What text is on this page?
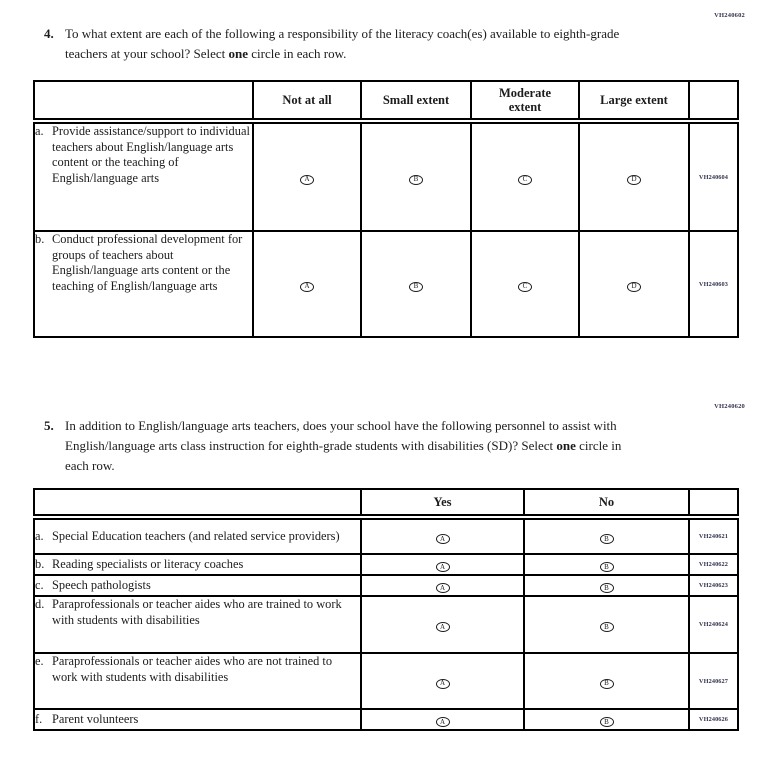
VH240602
4. To what extent are each of the following a responsibility of the literacy coach(es) available to eighth-grade teachers at your school? Select one circle in each row.
	Not at all	Small extent	Moderate extent	Large extent	

a. Provide assistance/support to individual teachers about English/language arts content or the teaching of English/language arts	A	B	C	D	VH240604

b. Conduct professional development for groups of teachers about English/language arts content or the teaching of English/language arts	A	B	C	D	VH240603
VH240620
5. In addition to English/language arts teachers, does your school have the following personnel to assist with English/language arts class instruction for eighth-grade students with disabilities (SD)? Select one circle in each row.
	Yes	No	

a. Special Education teachers (and related service providers)	A	B	VH240621

b. Reading specialists or literacy coaches	A	B	VH240622

c. Speech pathologists	A	B	VH240623

d. Paraprofessionals or teacher aides who are trained to work with students with disabilities	A	B	VH240624

e. Paraprofessionals or teacher aides who are not trained to work with students with disabilities	A	B	VH240627

f. Parent volunteers	A	B	VH240626
